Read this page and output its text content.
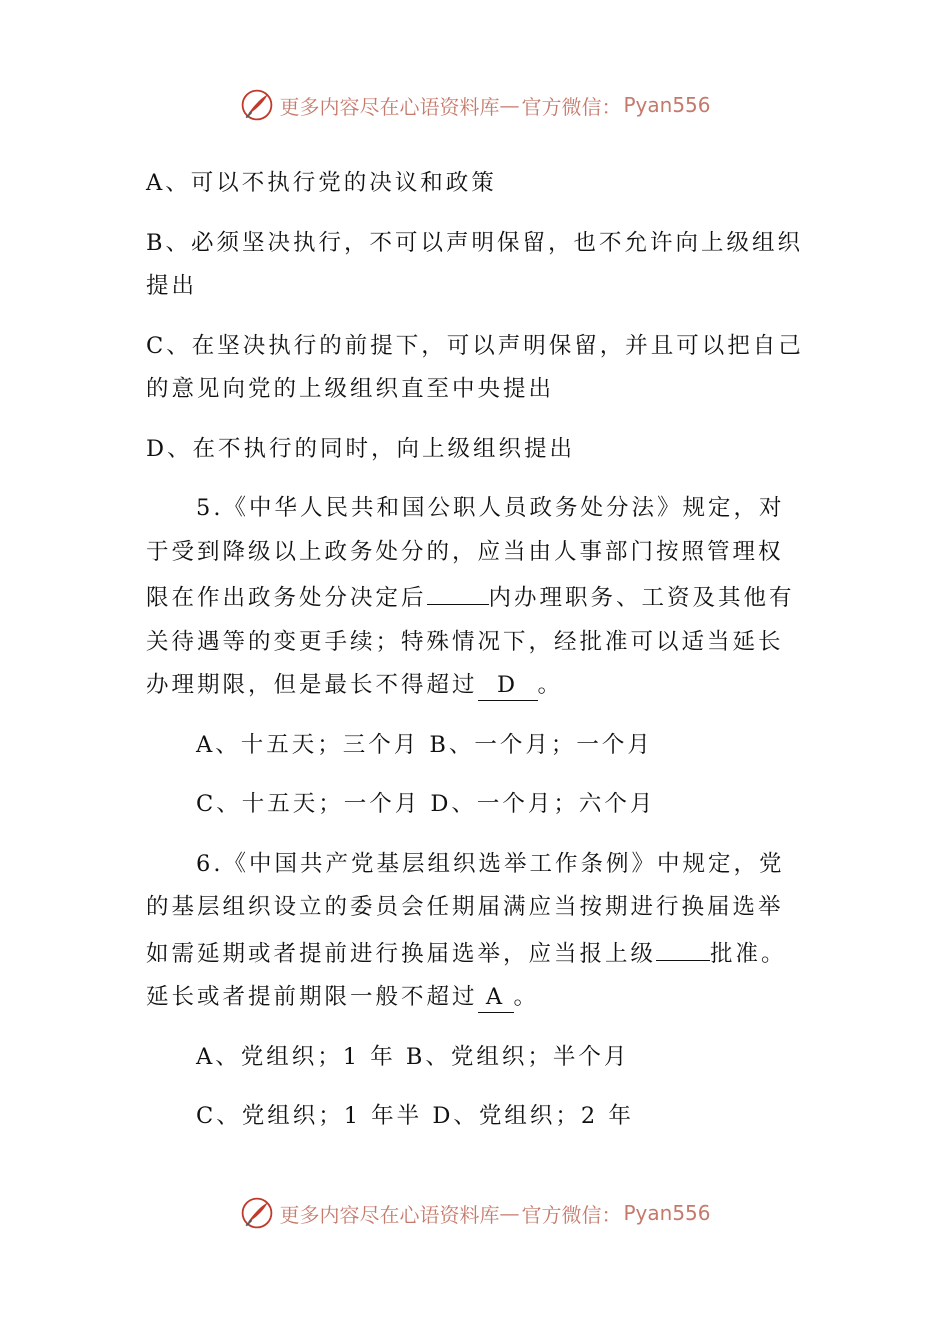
更多内容尽在心语资料库 — 官方微信： Pyan556

A、可以不执行党的决议和政策

B、必须坚决执行，不可以声明保留，也不允许向上级组织

提出

C、在坚决执行的前提下，可以声明保留，并且可以把自己

的意见向党的上级组织直至中央提出

D、在不执行的同时，向上级组织提出

5.《中华人民共和国公职人员政务处分法》规定，对

于受到降级以上政务处分的，应当由人事部门按照管理权

限在作出政务处分决定后	内办理职务、工资及其他有

关待遇等的变更手续；特殊情况下，经批准可以适当延长

办理期限，但是最长不得超过 D 。

A、十五天；三个月 B、一个月；一个月

C、十五天；一个月 D、一个月；六个月

6.《中国共产党基层组织选举工作条例》中规定，党

的基层组织设立的委员会任期届满应当按期进行换届选举

如需延期或者提前进行换届选举，应当报上级 批准。

延长或者提前期限一般不超过 A 。

A、党组织；1 年 B、党组织；半个月

C、党组织；1 年半 D、党组织；2 年

更多内容尽在心语资料库 — 官方微信： Pyan556
